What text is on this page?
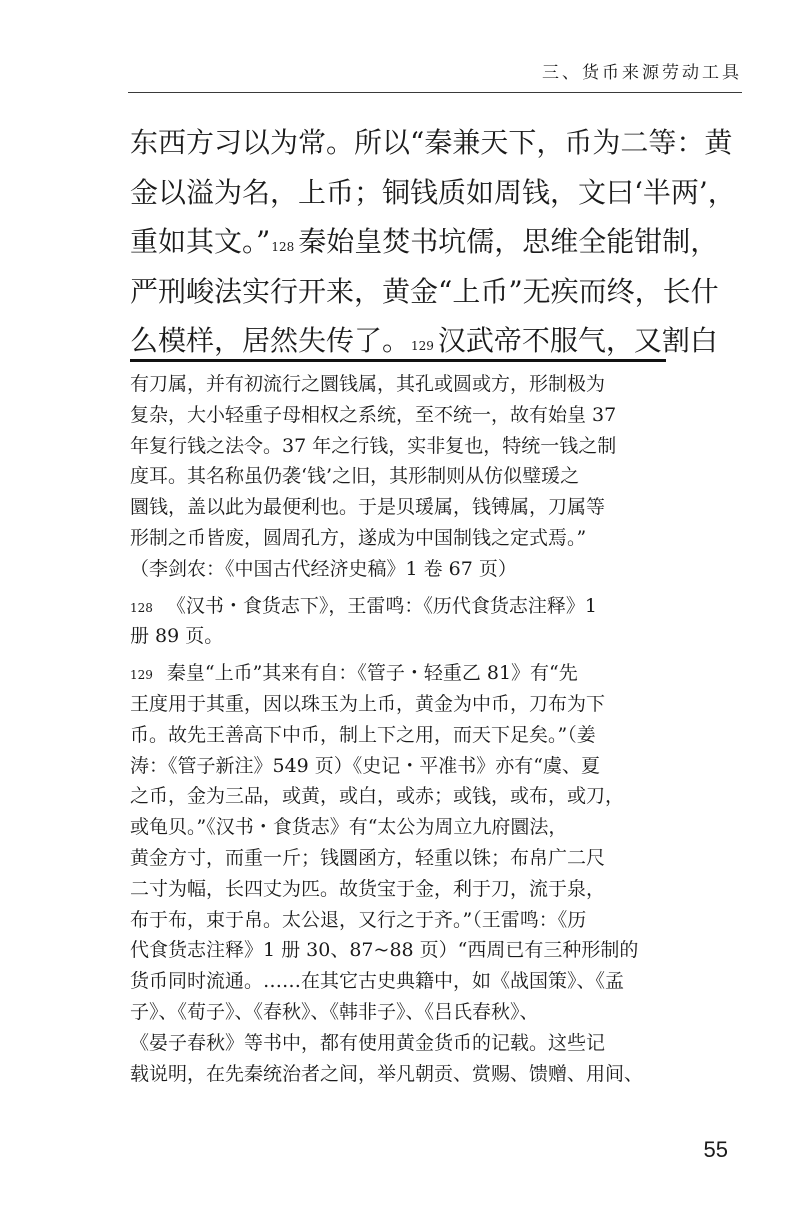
三、货币来源劳动工具

东西方习以为常。所以“秦兼天下，币为二等：黄
金以溢为名，上币；铜钱质如周钱，文曰‘半两’，
重如其文。”$^{128}$ 秦始皇焚书坑儒，思维全能钳制，
严刑峻法实行开来，黄金“上币”无疾而终，长什
么模样，居然失传了。$^{129}$ 汉武帝不服气，又割白

有刀属，并有初流行之圜钱属，其孔或圆或方，形制极为
复杂，大小轻重子母相权之系统，至不统一，故有始皇 37
年复行钱之法令。37 年之行钱，实非复也，特统一钱之制
度耳。其名称虽仍袭‘钱’之旧，其形制则从仿似璧瑗之
圜钱，盖以此为最便利也。于是贝瑗属，钱镈属，刀属等
形制之币皆废，圆周孔方，遂成为中国制钱之定式焉。”
（李剑农：《中国古代经济史稿》1 卷 67 页）
$^{128}$ 《汉书・食货志下》，王雷鸣：《历代食货志注释》1
册 89 页。
$^{129}$ 秦皇“上币”其来有自：《管子・轻重乙 81》有“先
王度用于其重，因以珠玉为上币，黄金为中币，刀布为下
币。故先王善高下中币，制上下之用，而天下足矣。”（姜
涛：《管子新注》549 页）《史记・平准书》亦有“虞、夏
之币，金为三品，或黄，或白，或赤；或钱，或布，或刀，
或龟贝。”《汉书・食货志》有“太公为周立九府圜法，
黄金方寸，而重一斤；钱圜函方，轻重以铢；布帛广二尺
二寸为幅，长四丈为匹。故货宝于金，利于刀，流于泉，
布于布，束于帛。太公退，又行之于齐。”（王雷鸣：《历
代食货志注释》1 册 30、87~88 页）“西周已有三种形制的
货币同时流通。……在其它古史典籍中，如《战国策》、《孟
子》、《荀子》、《春秋》、《韩非子》、《吕氏春秋》、
《晏子春秋》等书中，都有使用黄金货币的记载。这些记
载说明，在先秦统治者之间，举凡朝贡、赏赐、馈赠、用间、
55
